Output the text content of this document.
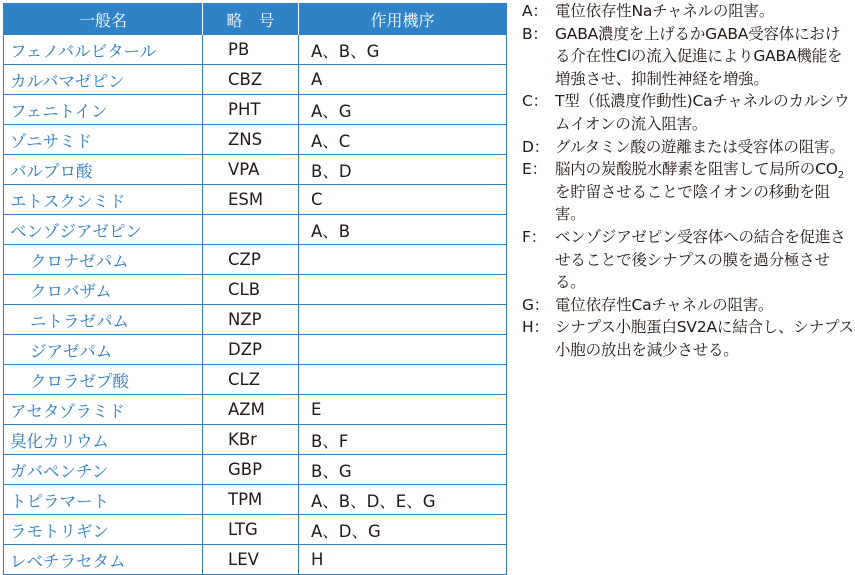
一般名	略　号	作用機序
フェノバルビタール	PB	A、B、G
カルバマゼピン	CBZ	A
フェニトイン	PHT	A、G
ゾニサミド	ZNS	A、C
バルプロ酸	VPA	B、D
エトスクシミド	ESM	C
ベンゾジアゼピン		A、B
クロナゼパム	CZP	
クロバザム	CLB	
ニトラゼパム	NZP	
ジアゼパム	DZP	
クロラゼプ酸	CLZ	
アセタゾラミド	AZM	E
臭化カリウム	KBr	B、F
ガバペンチン	GBP	B、G
トピラマート	TPM	A、B、D、E、G
ラモトリギン	LTG	A、D、G
レベチラセタム	LEV	H
A： 電位依存性Naチャネルの阻害。
B： GABA濃度を上げるかGABA受容体における介在性Clの流入促進によりGABA機能を増強させ、抑制性神経を増強。
C： T型（低濃度作動性)Caチャネルのカルシウムイオンの流入阻害。
D： グルタミン酸の遊離または受容体の阻害。
E： 脳内の炭酸脱水酵素を阻害して局所の$CO_2$を貯留させることで陰イオンの移動を阻害。
F： ベンゾジアゼピン受容体への結合を促進させることで後シナプスの膜を過分極させる。
G： 電位依存性Caチャネルの阻害。
H： シナプス小胞蛋白SV2Aに結合し、シナプス小胞の放出を減少させる。
